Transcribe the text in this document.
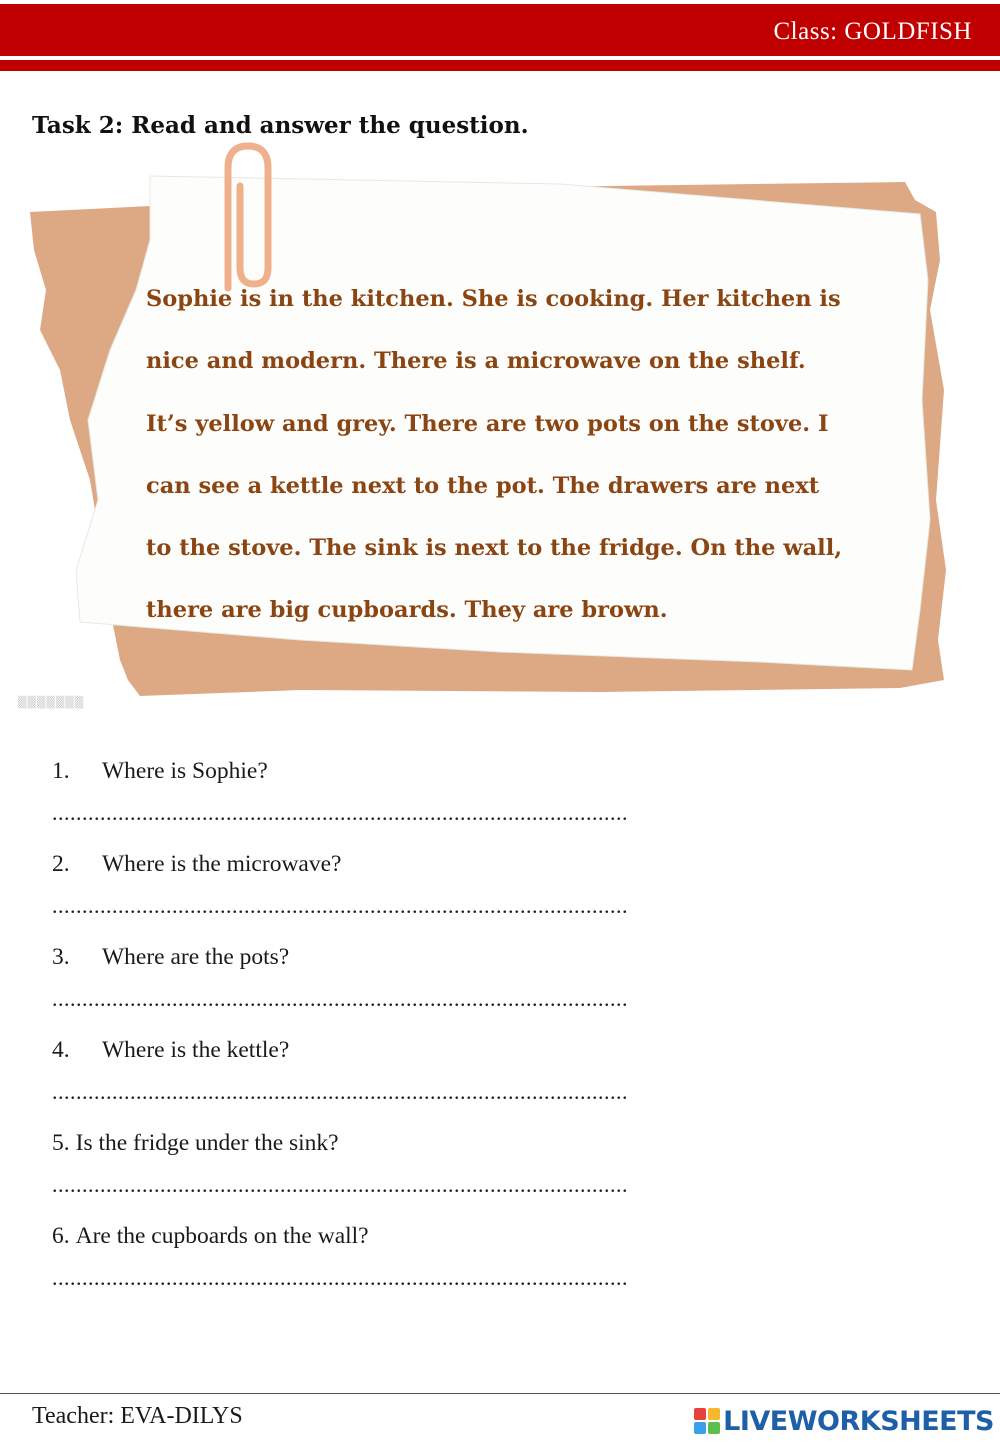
Class: GOLDFISH
Task 2: Read and answer the question.
Sophie is in the kitchen. She is cooking. Her kitchen is
nice and modern. There is a microwave on the shelf.
It’s yellow and grey. There are two pots on the stove. I
can see a kettle next to the pot. The drawers are next
to the stove. The sink is next to the fridge. On the wall,
there are big cupboards. They are brown.
▒▒▒▒▒▒▒
1. Where is Sophie?
................................................................................................
2. Where is the microwave?
................................................................................................
3. Where are the pots?
................................................................................................
4. Where is the kettle?
................................................................................................
5. Is the fridge under the sink?
................................................................................................
6. Are the cupboards on the wall?
................................................................................................
Teacher: EVA-DILYS	LIVEWORKSHEETS
